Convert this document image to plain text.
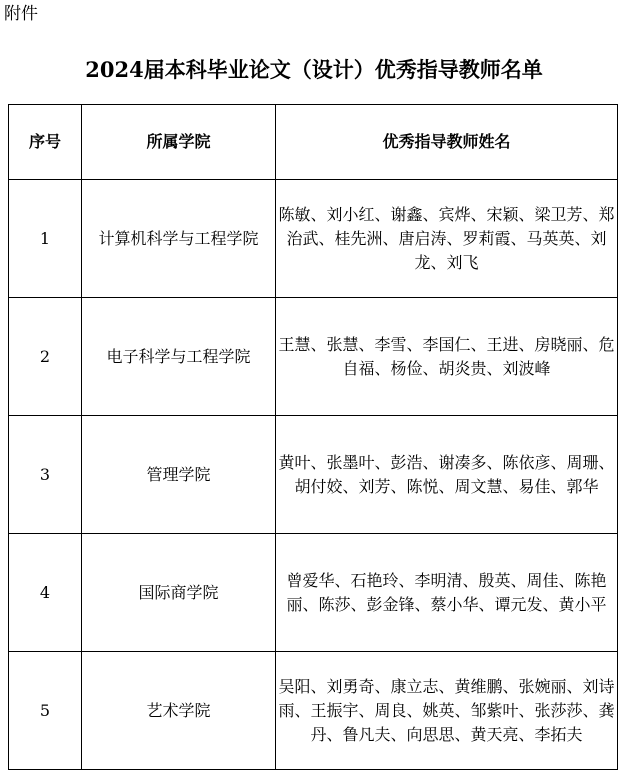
附件
2024届本科毕业论文（设计）优秀指导教师名单
序号	所属学院	优秀指导教师姓名
1	计算机科学与工程学院	陈敏、刘小红、谢鑫、宾烨、宋颖、梁卫芳、郑治武、桂先洲、唐启涛、罗莉霞、马英英、刘龙、刘飞
2	电子科学与工程学院	王慧、张慧、李雪、李国仁、王进、房晓丽、危自福、杨俭、胡炎贵、刘波峰
3	管理学院	黄叶、张墨叶、彭浩、谢凑多、陈依彦、周珊、胡付姣、刘芳、陈悦、周文慧、易佳、郭华
4	国际商学院	曾爱华、石艳玲、李明清、殷英、周佳、陈艳丽、陈莎、彭金锋、蔡小华、谭元发、黄小平
5	艺术学院	吴阳、刘勇奇、康立志、黄维鹏、张婉丽、刘诗雨、王振宇、周良、姚英、邹紫叶、张莎莎、龚丹、鲁凡夫、向思思、黄天亮、李拓夫
